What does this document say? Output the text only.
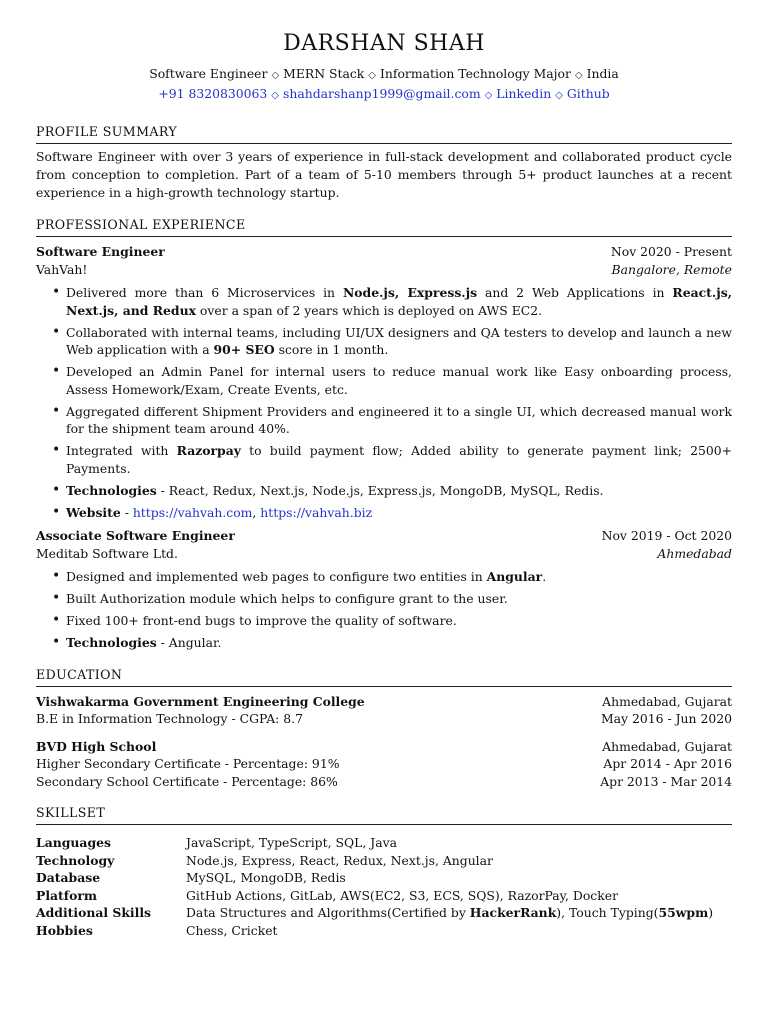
DARSHAN SHAH
Software Engineer ◇ MERN Stack ◇ Information Technology Major ◇ India
+91 8320830063 ◇ shahdarshanp1999@gmail.com ◇ Linkedin ◇ Github
PROFILE SUMMARY
Software Engineer with over 3 years of experience in full-stack development and collaborated product cycle from conception to completion. Part of a team of 5-10 members through 5+ product launches at a recent experience in a high-growth technology startup.
PROFESSIONAL EXPERIENCE
Software Engineer	Nov 2020 - Present
VahVah!	Bangalore, Remote
• Delivered more than 6 Microservices in Node.js, Express.js and 2 Web Applications in React.js, Next.js, and Redux over a span of 2 years which is deployed on AWS EC2.
• Collaborated with internal teams, including UI/UX designers and QA testers to develop and launch a new Web application with a 90+ SEO score in 1 month.
• Developed an Admin Panel for internal users to reduce manual work like Easy onboarding process, Assess Homework/Exam, Create Events, etc.
• Aggregated different Shipment Providers and engineered it to a single UI, which decreased manual work for the shipment team around 40%.
• Integrated with Razorpay to build payment flow; Added ability to generate payment link; 2500+ Payments.
• Technologies - React, Redux, Next.js, Node.js, Express.js, MongoDB, MySQL, Redis.
• Website - https://vahvah.com, https://vahvah.biz
Associate Software Engineer	Nov 2019 - Oct 2020
Meditab Software Ltd.	Ahmedabad
• Designed and implemented web pages to configure two entities in Angular.
• Built Authorization module which helps to configure grant to the user.
• Fixed 100+ front-end bugs to improve the quality of software.
• Technologies - Angular.
EDUCATION
Vishwakarma Government Engineering College	Ahmedabad, Gujarat
B.E in Information Technology - CGPA: 8.7	May 2016 - Jun 2020
BVD High School	Ahmedabad, Gujarat
Higher Secondary Certificate - Percentage: 91%	Apr 2014 - Apr 2016
Secondary School Certificate - Percentage: 86%	Apr 2013 - Mar 2014
SKILLSET
Languages	JavaScript, TypeScript, SQL, Java
Technology	Node.js, Express, React, Redux, Next.js, Angular
Database	MySQL, MongoDB, Redis
Platform	GitHub Actions, GitLab, AWS(EC2, S3, ECS, SQS), RazorPay, Docker
Additional Skills	Data Structures and Algorithms(Certified by HackerRank), Touch Typing(55wpm)
Hobbies	Chess, Cricket
